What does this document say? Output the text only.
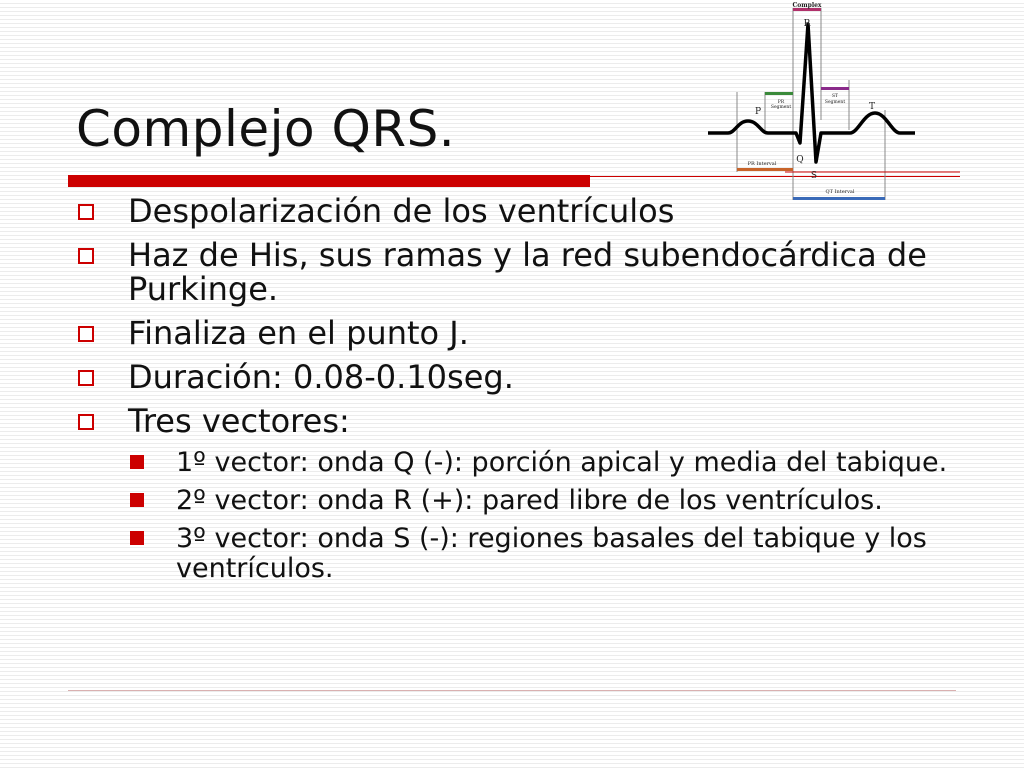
Complejo QRS.
Complex
R
P	T
Q
S
PR
Segment
ST
Segment
PR Interval
QT Interval
Despolarización de los ventrículos
Haz de His, sus ramas y la red subendocárdica de Purkinge.
Finaliza en el punto J.
Duración: 0.08-0.10seg.
Tres vectores:
1º vector: onda Q (-): porción apical y media del tabique.
2º vector: onda R (+): pared libre de los ventrículos.
3º vector: onda S (-): regiones basales del tabique y los ventrículos.
